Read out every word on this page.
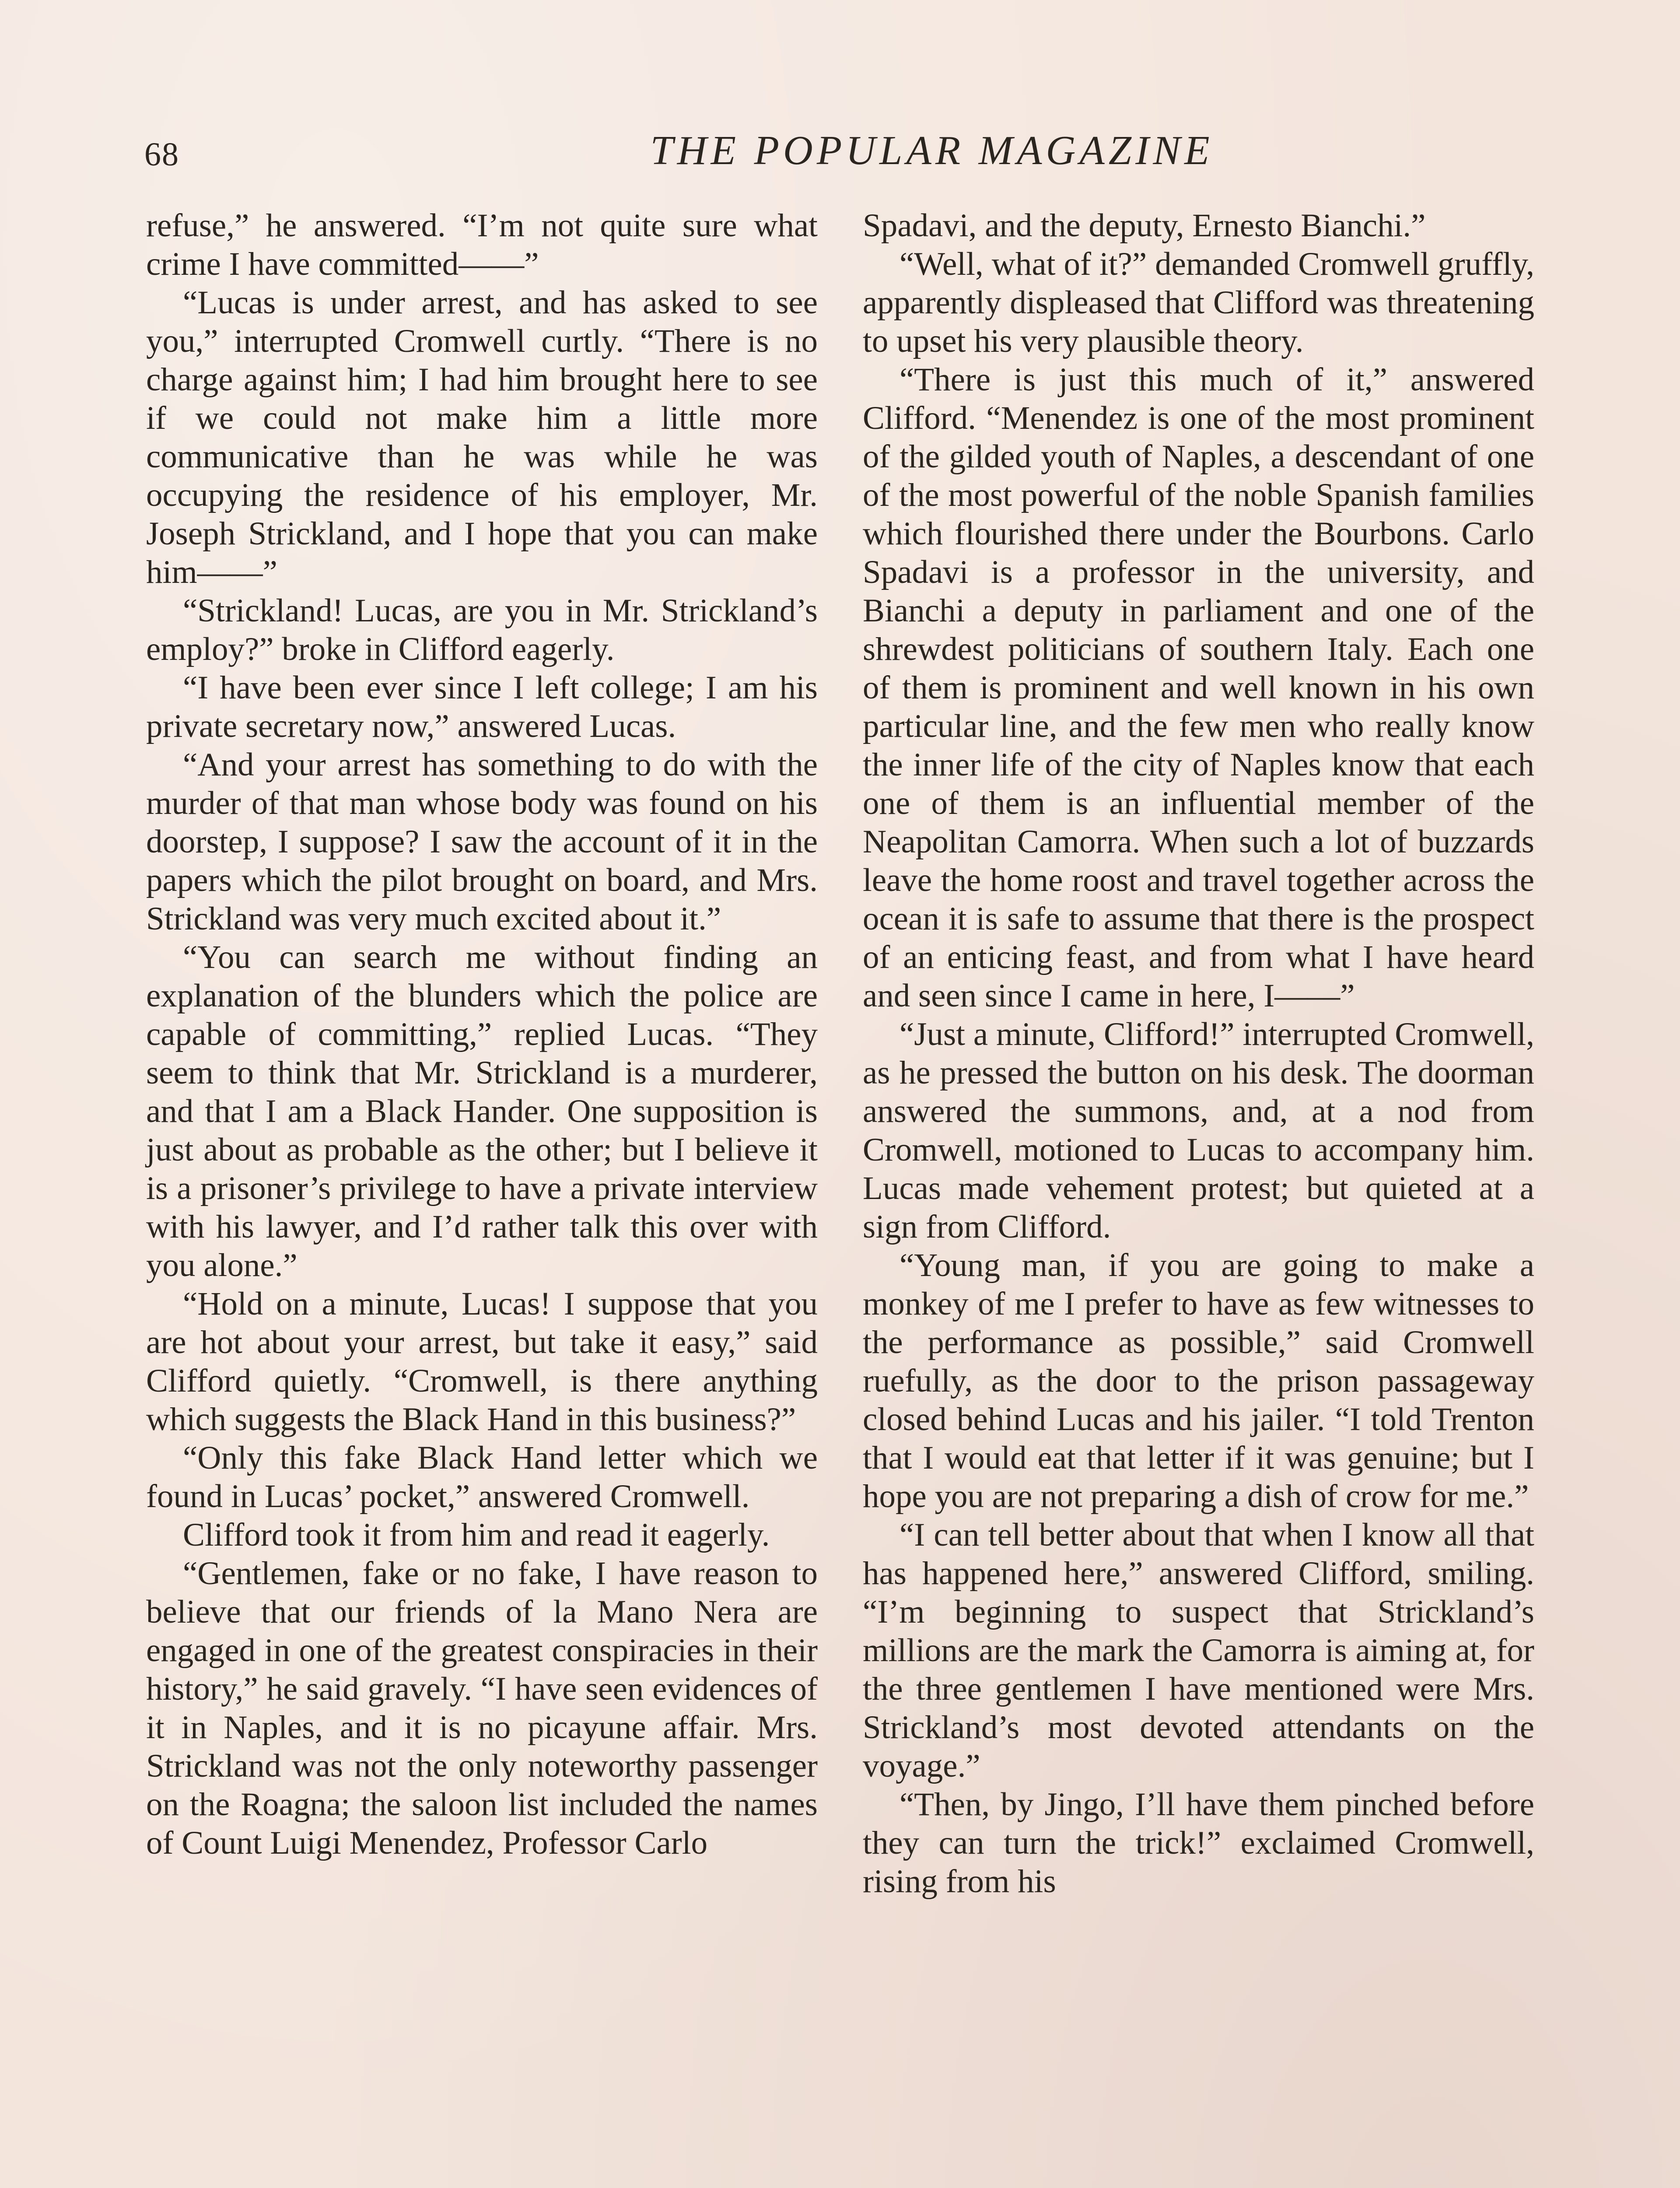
68	THE POPULAR MAGAZINE

refuse,” he answered. “I’m not quite sure what crime I have committed——”

“Lucas is under arrest, and has asked to see you,” interrupted Cromwell curtly. “There is no charge against him; I had him brought here to see if we could not make him a little more communicative than he was while he was occupying the residence of his employer, Mr. Joseph Strickland, and I hope that you can make him——”

“Strickland! Lucas, are you in Mr. Strickland’s employ?” broke in Clifford eagerly.

“I have been ever since I left college; I am his private secretary now,” answered Lucas.

“And your arrest has something to do with the murder of that man whose body was found on his doorstep, I suppose? I saw the account of it in the papers which the pilot brought on board, and Mrs. Strickland was very much excited about it.”

“You can search me without finding an explanation of the blunders which the police are capable of committing,” replied Lucas. “They seem to think that Mr. Strickland is a murderer, and that I am a Black Hander. One supposition is just about as probable as the other; but I believe it is a prisoner’s privilege to have a private interview with his lawyer, and I’d rather talk this over with you alone.”

“Hold on a minute, Lucas! I suppose that you are hot about your arrest, but take it easy,” said Clifford quietly. “Cromwell, is there anything which suggests the Black Hand in this business?”

“Only this fake Black Hand letter which we found in Lucas’ pocket,” answered Cromwell.

Clifford took it from him and read it eagerly.

“Gentlemen, fake or no fake, I have reason to believe that our friends of la Mano Nera are engaged in one of the greatest conspiracies in their history,” he said gravely. “I have seen evidences of it in Naples, and it is no picayune affair. Mrs. Strickland was not the only noteworthy passenger on the Roagna; the saloon list included the names of Count Luigi Menendez, Professor Carlo

Spadavi, and the deputy, Ernesto Bianchi.”

“Well, what of it?” demanded Cromwell gruffly, apparently displeased that Clifford was threatening to upset his very plausible theory.

“There is just this much of it,” answered Clifford. “Menendez is one of the most prominent of the gilded youth of Naples, a descendant of one of the most powerful of the noble Spanish families which flourished there under the Bourbons. Carlo Spadavi is a professor in the university, and Bianchi a deputy in parliament and one of the shrewdest politicians of southern Italy. Each one of them is prominent and well known in his own particular line, and the few men who really know the inner life of the city of Naples know that each one of them is an influential member of the Neapolitan Camorra. When such a lot of buzzards leave the home roost and travel together across the ocean it is safe to assume that there is the prospect of an enticing feast, and from what I have heard and seen since I came in here, I——”

“Just a minute, Clifford!” interrupted Cromwell, as he pressed the button on his desk. The doorman answered the summons, and, at a nod from Cromwell, motioned to Lucas to accompany him. Lucas made vehement protest; but quieted at a sign from Clifford.

“Young man, if you are going to make a monkey of me I prefer to have as few witnesses to the performance as possible,” said Cromwell ruefully, as the door to the prison passageway closed behind Lucas and his jailer. “I told Trenton that I would eat that letter if it was genuine; but I hope you are not preparing a dish of crow for me.”

“I can tell better about that when I know all that has happened here,” answered Clifford, smiling. “I’m beginning to suspect that Strickland’s millions are the mark the Camorra is aiming at, for the three gentlemen I have mentioned were Mrs. Strickland’s most devoted attendants on the voyage.”

“Then, by Jingo, I’ll have them pinched before they can turn the trick!” exclaimed Cromwell, rising from his
